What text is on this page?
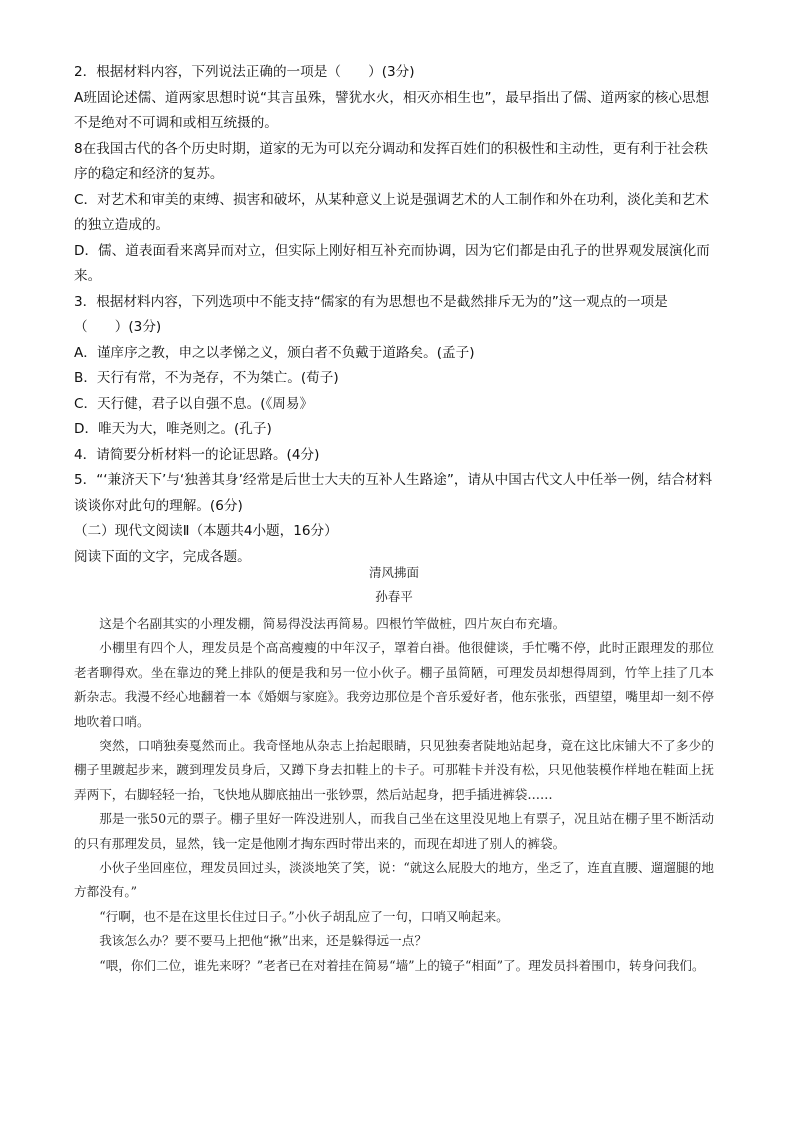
2．根据材料内容，下列说法正确的一项是（　　）(3分)

A班固论述儒、道两家思想时说“其言虽殊，譬犹水火，相灭亦相生也”，最早指出了儒、道两家的核心思想不是绝对不可调和或相互统摄的。

8在我国古代的各个历史时期，道家的无为可以充分调动和发挥百姓们的积极性和主动性，更有利于社会秩序的稳定和经济的复苏。

C．对艺术和审美的束缚、损害和破坏，从某种意义上说是强调艺术的人工制作和外在功利，淡化美和艺术的独立造成的。

D．儒、道表面看来离异而对立，但实际上刚好相互补充而协调，因为它们都是由孔子的世界观发展演化而来。

3．根据材料内容，下列选项中不能支持“儒家的有为思想也不是截然排斥无为的”这一观点的一项是（　　）(3分)

A．谨庠序之教，申之以孝悌之义，颁白者不负戴于道路矣。(孟子)

B．天行有常，不为尧存，不为桀亡。(荀子)

C．天行健，君子以自强不息。(《周易》

D．唯天为大，唯尧则之。(孔子)

4．请简要分析材料一的论证思路。(4分)

5．“‘兼济天下’与‘独善其身’经常是后世士大夫的互补人生路途”，请从中国古代文人中任举一例，结合材料谈谈你对此句的理解。(6分)

（二）现代文阅读Ⅱ（本题共4小题，16分）

阅读下面的文字，完成各题。

清风拂面

孙春平

这是个名副其实的小理发棚，简易得没法再简易。四根竹竿做桩，四片灰白布充墙。

小棚里有四个人，理发员是个高高瘦瘦的中年汉子，罩着白褂。他很健谈，手忙嘴不停，此时正跟理发的那位老者聊得欢。坐在靠边的凳上排队的便是我和另一位小伙子。棚子虽简陋，可理发员却想得周到，竹竿上挂了几本新杂志。我漫不经心地翻着一本《婚姻与家庭》。我旁边那位是个音乐爱好者，他东张张，西望望，嘴里却一刻不停地吹着口哨。

突然，口哨独奏戛然而止。我奇怪地从杂志上抬起眼睛，只见独奏者陡地站起身，竟在这比床铺大不了多少的棚子里踱起步来，踱到理发员身后，又蹲下身去扣鞋上的卡子。可那鞋卡并没有松，只见他装模作样地在鞋面上抚弄两下，右脚轻轻一抬，飞快地从脚底抽出一张钞票，然后站起身，把手插进裤袋……

那是一张50元的票子。棚子里好一阵没进别人，而我自己坐在这里没见地上有票子，况且站在棚子里不断活动的只有那理发员，显然，钱一定是他刚才掏东西时带出来的，而现在却进了别人的裤袋。

小伙子坐回座位，理发员回过头，淡淡地笑了笑，说：“就这么屁股大的地方，坐乏了，连直直腰、遛遛腿的地方都没有。”

“行啊，也不是在这里长住过日子。”小伙子胡乱应了一句，口哨又响起来。

我该怎么办？要不要马上把他“揪”出来，还是躲得远一点？

“喂，你们二位，谁先来呀？”老者已在对着挂在简易“墙”上的镜子“相面”了。理发员抖着围巾，转身问我们。
